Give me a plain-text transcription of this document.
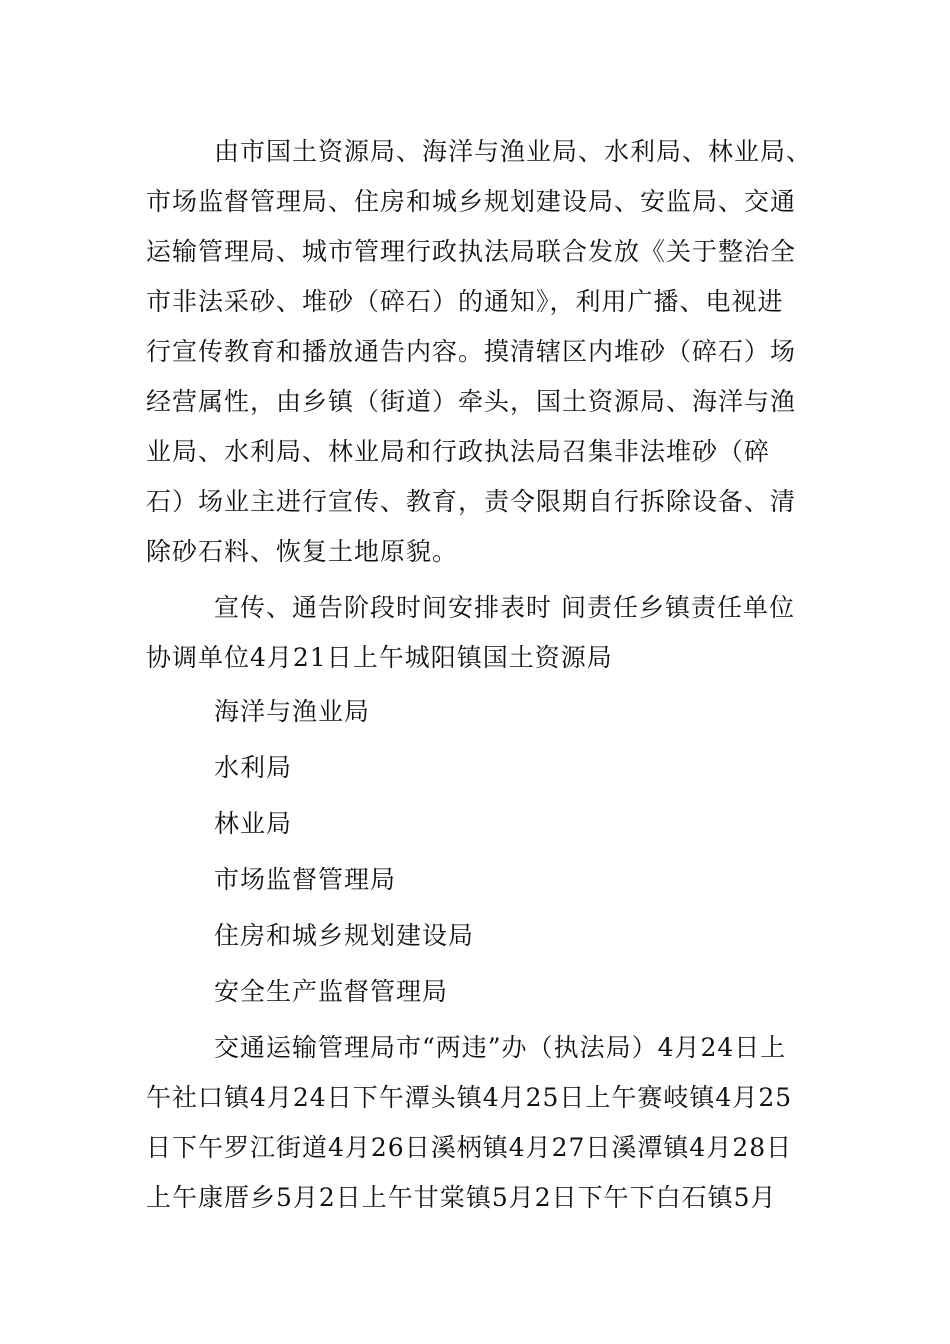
由市国土资源局、海洋与渔业局、水利局、林业局、
市场监督管理局、住房和城乡规划建设局、安监局、交通
运输管理局、城市管理行政执法局联合发放《关于整治全
市非法采砂、堆砂（碎石）的通知》，利用广播、电视进
行宣传教育和播放通告内容。摸清辖区内堆砂（碎石）场
经营属性，由乡镇（街道）牵头，国土资源局、海洋与渔
业局、水利局、林业局和行政执法局召集非法堆砂（碎
石）场业主进行宣传、教育，责令限期自行拆除设备、清
除砂石料、恢复土地原貌。
宣传、通告阶段时间安排表时 间责任乡镇责任单位
协调单位4月21日上午城阳镇国土资源局
海洋与渔业局
水利局
林业局
市场监督管理局
住房和城乡规划建设局
安全生产监督管理局
交通运输管理局市“两违”办（执法局）4月24日上
午社口镇4月24日下午潭头镇4月25日上午赛岐镇4月25
日下午罗江街道4月26日溪柄镇4月27日溪潭镇4月28日
上午康厝乡5月2日上午甘棠镇5月2日下午下白石镇5月
